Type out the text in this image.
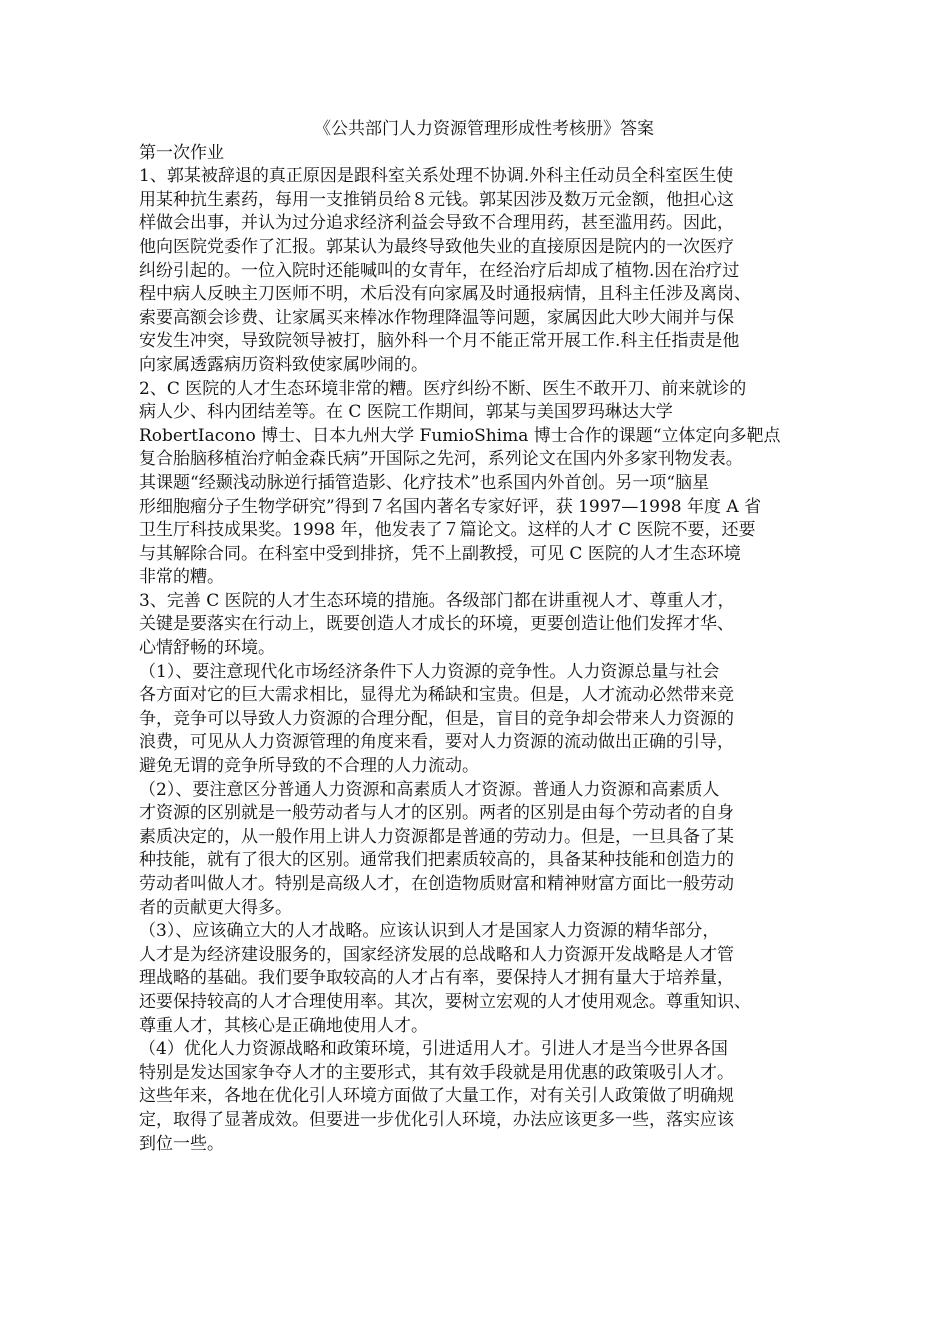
《公共部门人力资源管理形成性考核册》答案

第一次作业

1、郭某被辞退的真正原因是跟科室关系处理不协调.外科主任动员全科室医生使

用某种抗生素药，每用一支推销员给８元钱。郭某因涉及数万元金额，他担心这

样做会出事，并认为过分追求经济利益会导致不合理用药，甚至滥用药。因此，

他向医院党委作了汇报。郭某认为最终导致他失业的直接原因是院内的一次医疗

纠纷引起的。一位入院时还能喊叫的女青年，在经治疗后却成了植物.因在治疗过

程中病人反映主刀医师不明，术后没有向家属及时通报病情，且科主任涉及离岗、

索要高额会诊费、让家属买来棒冰作物理降温等问题，家属因此大吵大闹并与保

安发生冲突，导致院领导被打，脑外科一个月不能正常开展工作.科主任指责是他

向家属透露病历资料致使家属吵闹的。

2、C 医院的人才生态环境非常的糟。医疗纠纷不断、医生不敢开刀、前来就诊的

病人少、科内团结差等。在 C 医院工作期间，郭某与美国罗玛琳达大学

RobertIacono 博士、日本九州大学 FumioShima 博士合作的课题“立体定向多靶点

复合胎脑移植治疗帕金森氏病”开国际之先河，系列论文在国内外多家刊物发表。

其课题“经颞浅动脉逆行插管造影、化疗技术”也系国内外首创。另一项“脑星

形细胞瘤分子生物学研究”得到７名国内著名专家好评，获 1997—1998 年度 A 省

卫生厅科技成果奖。1998 年，他发表了７篇论文。这样的人才 C 医院不要，还要

与其解除合同。在科室中受到排挤，凭不上副教授，可见 C 医院的人才生态环境

非常的糟。

3、完善 C 医院的人才生态环境的措施。各级部门都在讲重视人才、尊重人才，

关键是要落实在行动上，既要创造人才成长的环境，更要创造让他们发挥才华、

心情舒畅的环境。

（1）、要注意现代化市场经济条件下人力资源的竞争性。人力资源总量与社会

各方面对它的巨大需求相比，显得尤为稀缺和宝贵。但是，人才流动必然带来竞

争，竞争可以导致人力资源的合理分配，但是，盲目的竞争却会带来人力资源的

浪费，可见从人力资源管理的角度来看，要对人力资源的流动做出正确的引导，

避免无谓的竞争所导致的不合理的人力流动。

（2）、要注意区分普通人力资源和高素质人才资源。普通人力资源和高素质人

才资源的区别就是一般劳动者与人才的区别。两者的区别是由每个劳动者的自身

素质决定的，从一般作用上讲人力资源都是普通的劳动力。但是，一旦具备了某

种技能，就有了很大的区别。通常我们把素质较高的，具备某种技能和创造力的

劳动者叫做人才。特别是高级人才，在创造物质财富和精神财富方面比一般劳动

者的贡献更大得多。

（3）、应该确立大的人才战略。应该认识到人才是国家人力资源的精华部分，

人才是为经济建设服务的，国家经济发展的总战略和人力资源开发战略是人才管

理战略的基础。我们要争取较高的人才占有率，要保持人才拥有量大于培养量，

还要保持较高的人才合理使用率。其次，要树立宏观的人才使用观念。尊重知识、

尊重人才，其核心是正确地使用人才。

（4）优化人力资源战略和政策环境，引进适用人才。引进人才是当今世界各国

特别是发达国家争夺人才的主要形式，其有效手段就是用优惠的政策吸引人才。

这些年来，各地在优化引人环境方面做了大量工作，对有关引人政策做了明确规

定，取得了显著成效。但要进一步优化引人环境，办法应该更多一些，落实应该

到位一些。
